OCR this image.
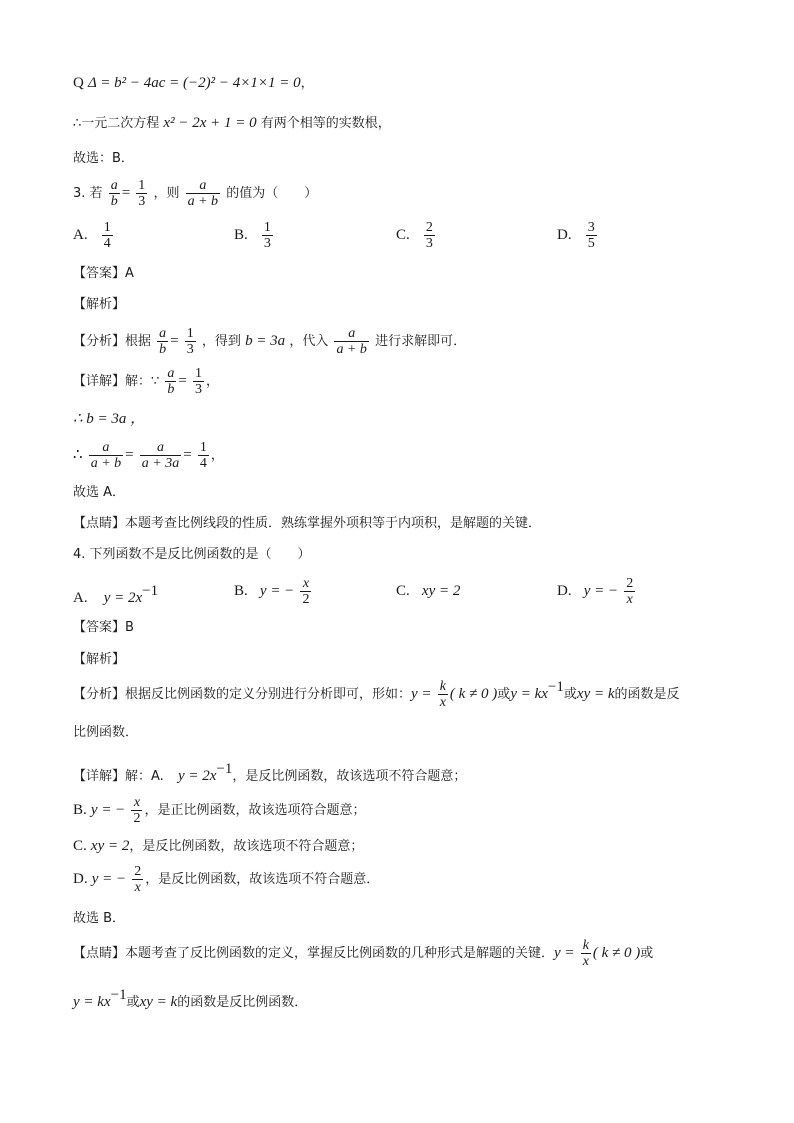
Q Δ = b² − 4ac = (−2)² − 4×1×1 = 0，
∴一元二次方程 x² − 2x + 1 = 0 有两个相等的实数根，
故选：B．
3. 若 $\frac{a}{b} = \frac{1}{3}$ ，则 $\frac{a}{a + b}$ 的值为（　　）
A. $\frac{1}{4}$	B. $\frac{1}{3}$	C. $\frac{2}{3}$	D. $\frac{3}{5}$
【答案】A
【解析】
【分析】根据 $\frac{a}{b} = \frac{1}{3}$ ，得到 b = 3a ，代入 $\frac{a}{a + b}$ 进行求解即可．
【详解】解：∵ $\frac{a}{b} = \frac{1}{3}$ ，
∴ b = 3a ，
∴ $\frac{a}{a + b} = \frac{a}{a + 3a} = \frac{1}{4}$ ，
故选 A．
【点睛】本题考查比例线段的性质．熟练掌握外项积等于内项积，是解题的关键．
4. 下列函数不是反比例函数的是（　　）
A. $y = 2x^{-1}$	B. y = − $\frac{x}{2}$	C. xy = 2	D. y = − $\frac{2}{x}$
【答案】B
【解析】
【分析】根据反比例函数的定义分别进行分析即可，形如：$y = \frac{k}{x}$ ( k ≠ 0 )或$y = kx^{-1}$或xy = k的函数是反
比例函数．
【详解】解：A. $y = 2x^{-1}$，是反比例函数，故该选项不符合题意；
B. y = − $\frac{x}{2}$ ，是正比例函数，故该选项符合题意；
C. xy = 2，是反比例函数，故该选项不符合题意；
D. y = − $\frac{2}{x}$ ，是反比例函数，故该选项不符合题意．
故选 B．
【点睛】本题考查了反比例函数的定义，掌握反比例函数的几种形式是解题的关键．$y = \frac{k}{x}$ ( k ≠ 0 )或
$y = kx^{-1}$或xy = k的函数是反比例函数．
